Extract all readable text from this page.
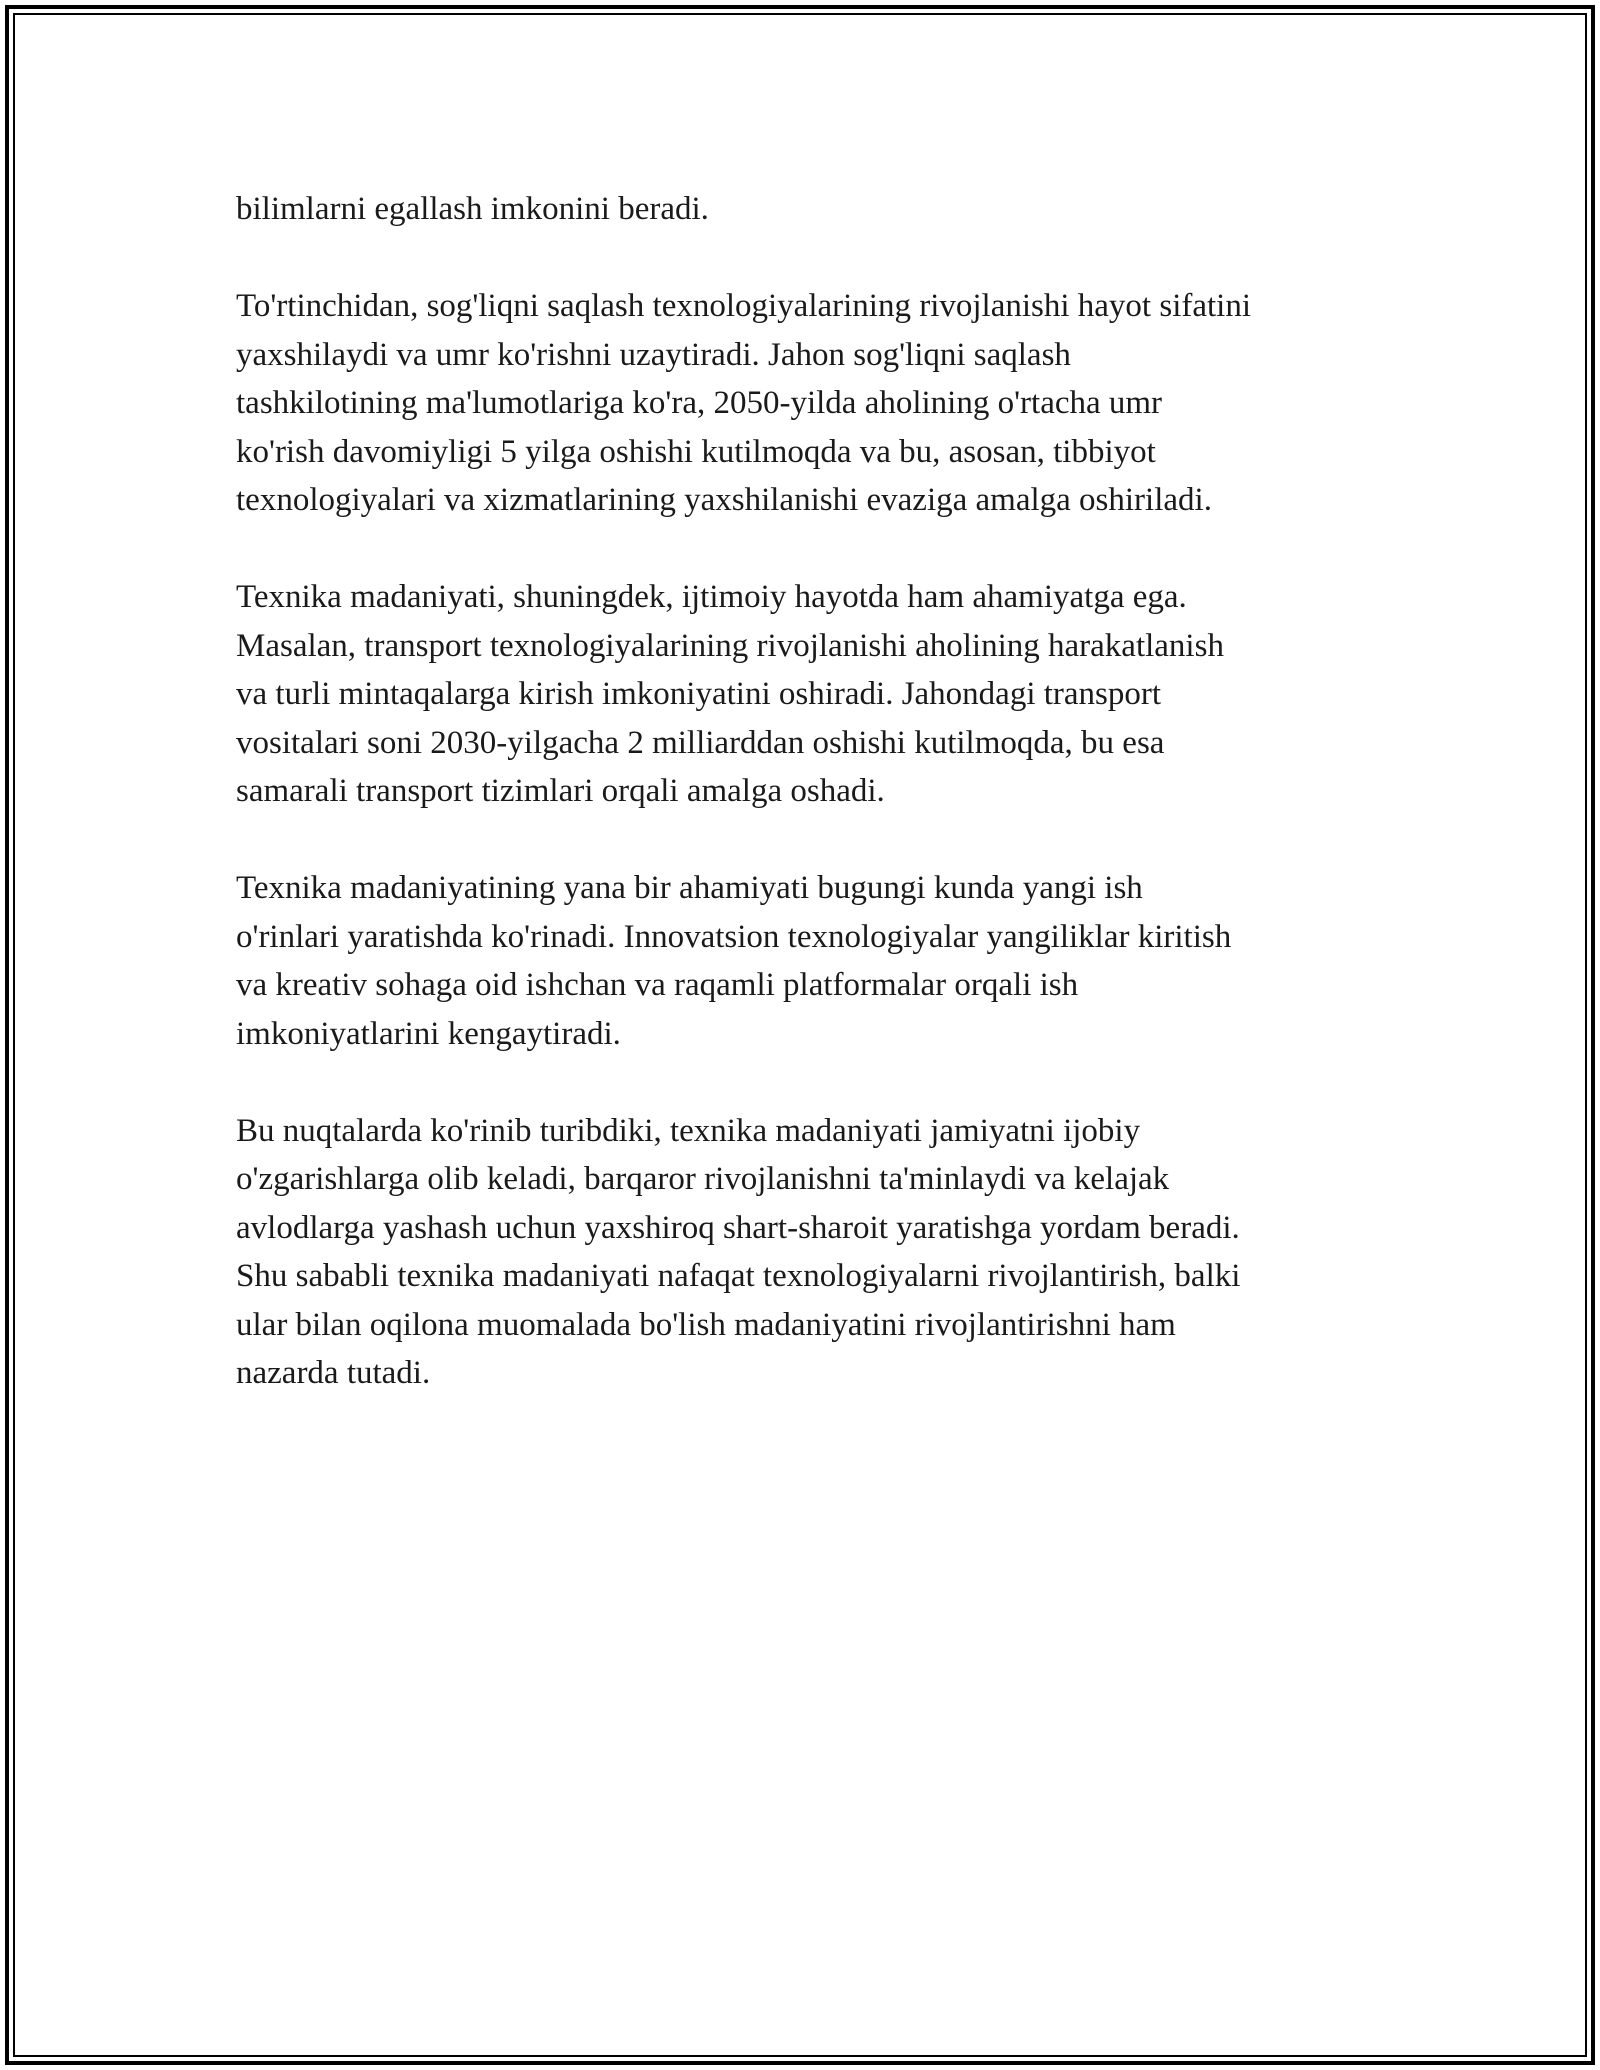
bilimlarni egallash imkonini beradi.

To'rtinchidan, sog'liqni saqlash texnologiyalarining rivojlanishi hayot sifatini
yaxshilaydi va umr ko'rishni uzaytiradi. Jahon sog'liqni saqlash
tashkilotining ma'lumotlariga ko'ra, 2050-yilda aholining o'rtacha umr
ko'rish davomiyligi 5 yilga oshishi kutilmoqda va bu, asosan, tibbiyot
texnologiyalari va xizmatlarining yaxshilanishi evaziga amalga oshiriladi.

Texnika madaniyati, shuningdek, ijtimoiy hayotda ham ahamiyatga ega.
Masalan, transport texnologiyalarining rivojlanishi aholining harakatlanish
va turli mintaqalarga kirish imkoniyatini oshiradi. Jahondagi transport
vositalari soni 2030-yilgacha 2 milliarddan oshishi kutilmoqda, bu esa
samarali transport tizimlari orqali amalga oshadi.

Texnika madaniyatining yana bir ahamiyati bugungi kunda yangi ish
o'rinlari yaratishda ko'rinadi. Innovatsion texnologiyalar yangiliklar kiritish
va kreativ sohaga oid ishchan va raqamli platformalar orqali ish
imkoniyatlarini kengaytiradi.

Bu nuqtalarda ko'rinib turibdiki, texnika madaniyati jamiyatni ijobiy
o'zgarishlarga olib keladi, barqaror rivojlanishni ta'minlaydi va kelajak
avlodlarga yashash uchun yaxshiroq shart-sharoit yaratishga yordam beradi.
Shu sababli texnika madaniyati nafaqat texnologiyalarni rivojlantirish, balki
ular bilan oqilona muomalada bo'lish madaniyatini rivojlantirishni ham
nazarda tutadi.
